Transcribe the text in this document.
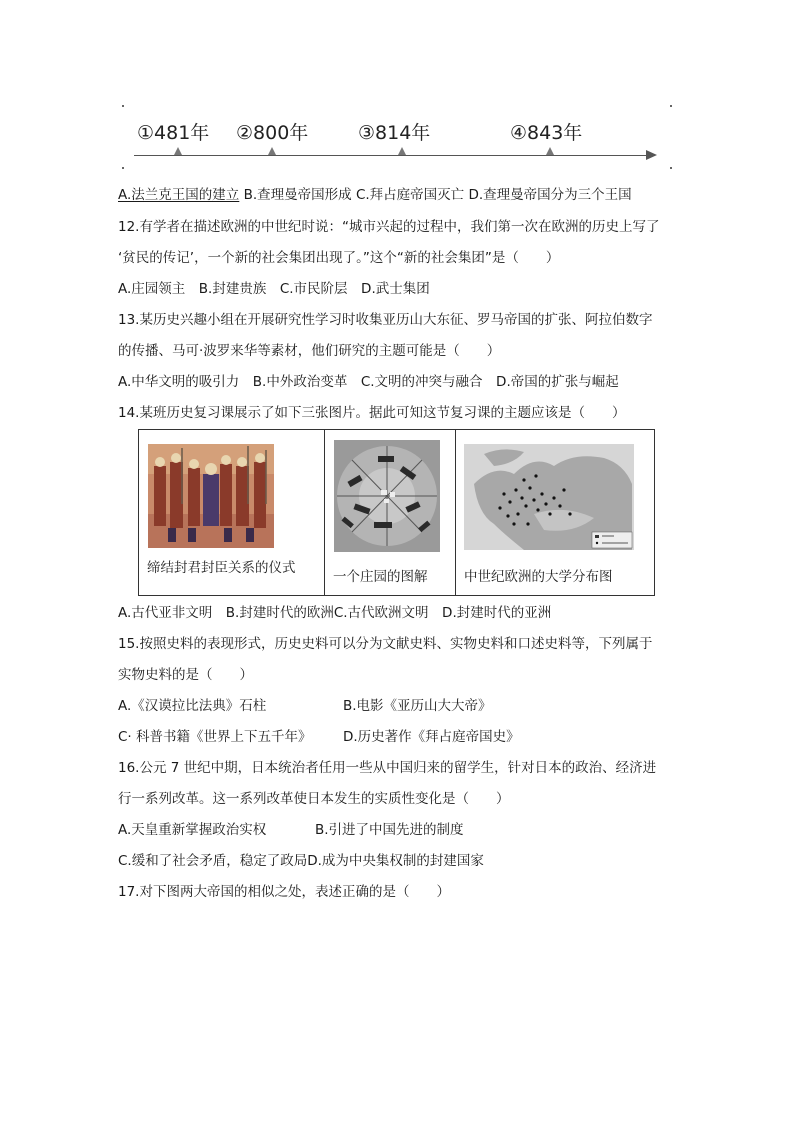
①481年 ②800年	③814年	④843年
A.法兰克王国的建立 B.查理曼帝国形成 C.拜占庭帝国灭亡 D.查理曼帝国分为三个王国
12.有学者在描述欧洲的中世纪时说：“城市兴起的过程中，我们第一次在欧洲的历史上写了
‘贫民的传记’，一个新的社会集团出现了。”这个“新的社会集团”是（　　）
A.庄园领主　B.封建贵族　C.市民阶层　D.武士集团
13.某历史兴趣小组在开展研究性学习时收集亚历山大东征、罗马帝国的扩张、阿拉伯数字
的传播、马可·波罗来华等素材，他们研究的主题可能是（　　）
A.中华文明的吸引力　B.中外政治变革　C.文明的冲突与融合　D.帝国的扩张与崛起
14.某班历史复习课展示了如下三张图片。据此可知这节复习课的主题应该是（　　）
缔结封君封臣关系的仪式
一个庄园的图解	中世纪欧洲的大学分布图
A.古代亚非文明　B.封建时代的欧洲C.古代欧洲文明　D.封建时代的亚洲
15.按照史料的表现形式，历史史料可以分为文献史料、实物史料和口述史料等，下列属于
实物史料的是（　　）
A.《汉谟拉比法典》石柱	B.电影《亚历山大大帝》
C· 科普书籍《世界上下五千年》 D.历史著作《拜占庭帝国史》
16.公元 7 世纪中期，日本统治者任用一些从中国归来的留学生，针对日本的政治、经济进
行一系列改革。这一系列改革使日本发生的实质性变化是（　　）
A.天皇重新掌握政治实权	B.引进了中国先进的制度
C.缓和了社会矛盾，稳定了政局D.成为中央集权制的封建国家
17.对下图两大帝国的相似之处，表述正确的是（　　）
